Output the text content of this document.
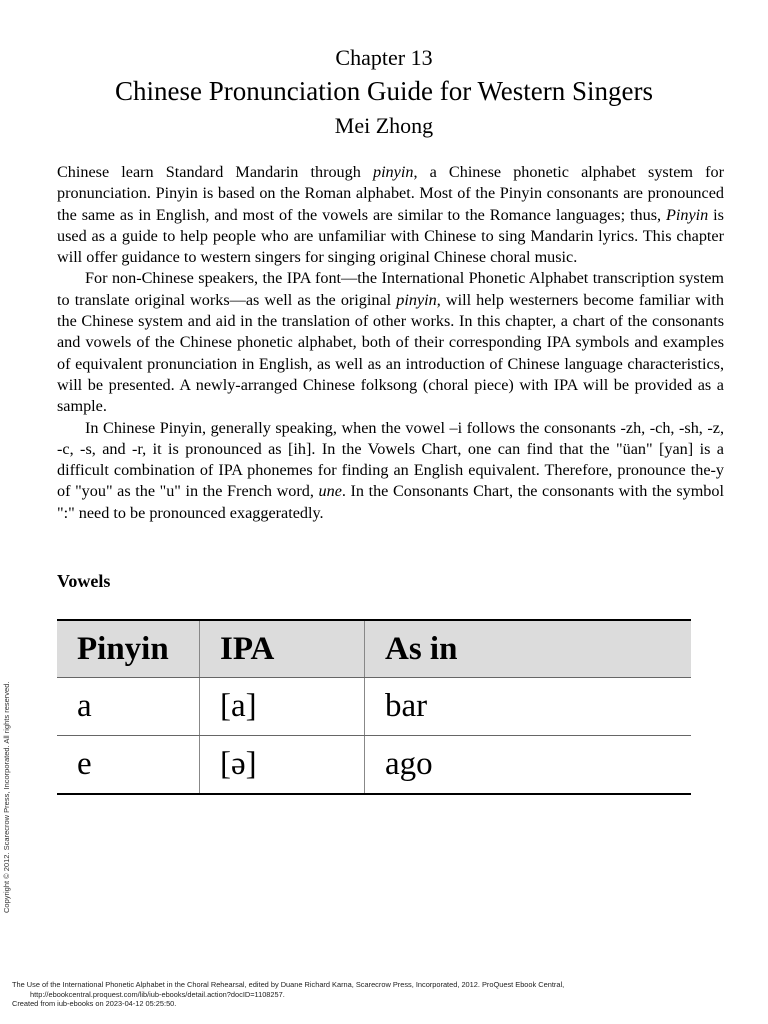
Chapter 13
Chinese Pronunciation Guide for Western Singers
Mei Zhong

Chinese learn Standard Mandarin through pinyin, a Chinese phonetic alphabet system for pronunciation. Pinyin is based on the Roman alphabet. Most of the Pinyin consonants are pronounced the same as in English, and most of the vowels are similar to the Romance languages; thus, Pinyin is used as a guide to help people who are unfamiliar with Chinese to sing Mandarin lyrics. This chapter will offer guidance to western singers for singing original Chinese choral music.

For non-Chinese speakers, the IPA font—the International Phonetic Alphabet transcription system to translate original works—as well as the original pinyin, will help westerners become familiar with the Chinese system and aid in the translation of other works. In this chapter, a chart of the consonants and vowels of the Chinese phonetic alphabet, both of their corresponding IPA symbols and examples of equivalent pronunciation in English, as well as an introduction of Chinese language characteristics, will be presented. A newly-arranged Chinese folksong (choral piece) with IPA will be provided as a sample.

In Chinese Pinyin, generally speaking, when the vowel –i follows the consonants -zh, -ch, -sh, -z, -c, -s, and -r, it is pronounced as [ih]. In the Vowels Chart, one can find that the "üan" [yan] is a difficult combination of IPA phonemes for finding an English equivalent. Therefore, pronounce the-y of "you" as the "u" in the French word, une. In the Consonants Chart, the consonants with the symbol ":" need to be pronounced exaggeratedly.

Vowels
Pinyin	IPA	As in
a	[a]	bar
e	[ə]	ago
Copyright © 2012. Scarecrow Press, Incorporated. All rights reserved.
The Use of the International Phonetic Alphabet in the Choral Rehearsal, edited by Duane Richard Karna, Scarecrow Press, Incorporated, 2012. ProQuest Ebook Central,
http://ebookcentral.proquest.com/lib/iub-ebooks/detail.action?docID=1108257.
Created from iub-ebooks on 2023-04-12 05:25:50.
